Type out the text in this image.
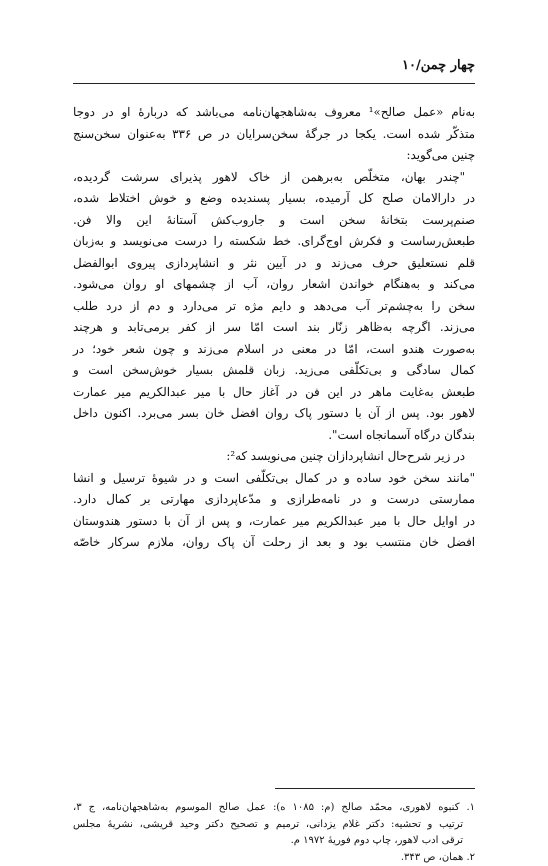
چهار چمن/۱۰
به‌نام «عمل صالح»¹ معروف به‌شاهجهان‌نامه می‌باشد که دربارهٔ او در دوجا
متذکّر شده است. یکجا در جرگهٔ سخن‌سرایان در ص ۳۳۶ به‌عنوان سخن‌سنج
چنین می‌گوید:
"چندر بهان، متخلّص به‌برهمن از خاک لاهور پذیرای سرشت گردیده،
در دارالامان صلح کل آرمیده، بسیار پسندیده وضع و خوش اختلاط شده،
صنم‌پرست بتخانهٔ سخن است و جاروب‌کش آستانهٔ این والا فن.
طبعش‌رساست و فکرش اوج‌گرای. خط شکسته را درست می‌نویسد و به‌زبان
قلم نستعلیق حرف می‌زند و در آیین نثر و انشاپردازی پیروی ابوالفضل
می‌کند و به‌هنگام خواندن اشعار روان، آب از چشمهای او روان می‌شود.
سخن را به‌چشم‌تر آب می‌دهد و دایم مژه تر می‌دارد و دم از درد طلب
می‌زند. اگرچه به‌ظاهر زنّار بند است امّا سر از کفر برمی‌تابد و هرچند
به‌صورت هندو است، امّا در معنی در اسلام می‌زند و چون شعر خود؛ در
کمال سادگی و بی‌تکلّفی می‌زید. زبان قلمش بسیار خوش‌سخن است و
طبعش به‌غایت ماهر در این فن در آغاز حال با میر عبدالکریم میر عمارت
لاهور بود. پس از آن با دستور پاک روان افضل خان بسر می‌برد. اکنون داخل
بندگان درگاه آسمانجاه است".
در زیر شرح‌حال انشاپردازان چنین می‌نویسد که²:
"مانند سخن خود ساده و در کمال بی‌تکلّفی است و در شیوهٔ ترسیل و انشا
ممارستی درست و در نامه‌طرازی و مدّعاپردازی مهارتی بر کمال دارد.
در اوایل حال با میر عبدالکریم میر عمارت، و پس از آن با دستور هندوستان
افضل خان منتسب بود و بعد از رحلت آن پاک روان، ملازم سرکار خاصّه
۱. کنبوه لاهوری، محمّد صالح (م: ۱۰۸۵ ه): عمل صالح الموسوم به‌شاهجهان‌نامه، ج ۳،
ترتیب و تحشیه: دکتر غلام یزدانی، ترمیم و تصحیح دکتر وحید قریشی، نشریهٔ مجلس
ترقی ادب لاهور، چاپ دوم فوریهٔ ۱۹۷۲ م.
۲. همان، ص ۳۴۳.
